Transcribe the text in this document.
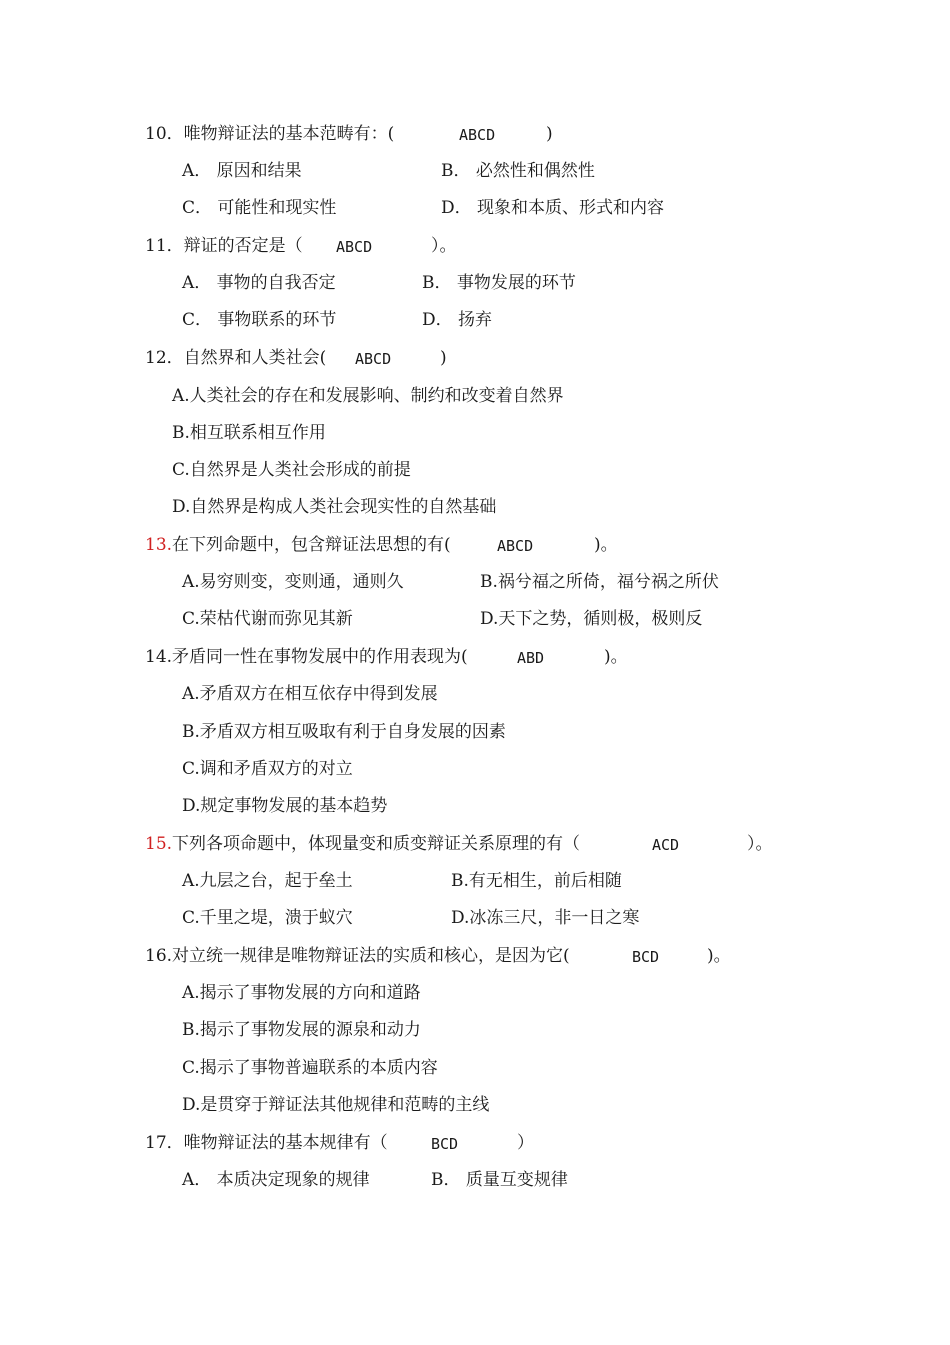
10．唯物辩证法的基本范畴有：(	ABCD	)
A． 原因和结果	B． 必然性和偶然性
C． 可能性和现实性	D． 现象和本质、形式和内容
11．辩证的否定是（ ABCD	）。
A． 事物的自我否定	B． 事物发展的环节
C． 事物联系的环节	D． 扬弃
12．自然界和人类社会( ABCD	)
A.人类社会的存在和发展影响、制约和改变着自然界
B.相互联系相互作用
C.自然界是人类社会形成的前提
D.自然界是构成人类社会现实性的自然基础
13.在下列命题中，包含辩证法思想的有(	ABCD	)。
A.易穷则变，变则通，通则久	B.祸兮福之所倚，福兮祸之所伏
C.荣枯代谢而弥见其新	D.天下之势，循则极，极则反
14.矛盾同一性在事物发展中的作用表现为(	ABD	)。
A.矛盾双方在相互依存中得到发展
B.矛盾双方相互吸取有利于自身发展的因素
C.调和矛盾双方的对立
D.规定事物发展的基本趋势
15.下列各项命题中，体现量变和质变辩证关系原理的有（	ACD	）。
A.九层之台，起于垒土	B.有无相生，前后相随
C.千里之堤，溃于蚁穴	D.冰冻三尺，非一日之寒
16.对立统一规律是唯物辩证法的实质和核心，是因为它(	BCD	)。
A.揭示了事物发展的方向和道路
B.揭示了事物发展的源泉和动力
C.揭示了事物普遍联系的本质内容
D.是贯穿于辩证法其他规律和范畴的主线
17．唯物辩证法的基本规律有（	BCD	）
A． 本质决定现象的规律	B． 质量互变规律
